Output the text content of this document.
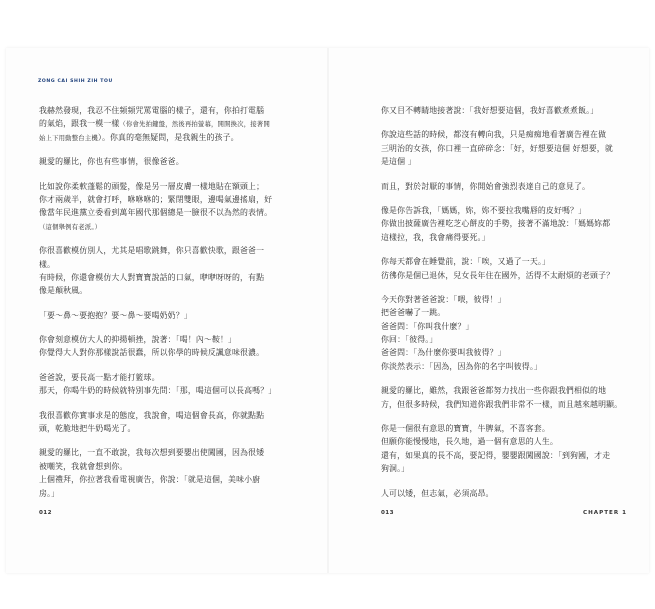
ZONG CAI SHIH ZIH TOU
我赫然發現，我忍不住頻頻咒罵電腦的樣子，還有，你拍打電腦
的氣焰，跟我一模一樣（你會先拍鍵盤，然後再拍螢幕，開開換次，接著開
始上下用動整台主機）。你真的毫無疑問，是我親生的孩子。
親愛的羅比，你也有些事情，很像爸爸。
比如說你柔軟蓬鬆的頭髮，像是另一層皮膚一樣地貼在額頭上；
你才兩歲半，就會打呼，咻咻咻的；緊閉雙眼，邊喝氣邊搖扇，好
像當年民進黨立委看到萬年國代那個總是一臉很不以為然的表情。
（這個舉例有老派。）
你很喜歡模仿別人，尤其是唱歌跳舞，你只喜歡快歌，跟爸爸一
樣。
有時候，你還會模仿大人對寶寶說話的口氣，咿咿呀呀的，有點
像是顛秋風。
「要～鼻～要抱抱？要～鼻～要喝奶奶？」
你會刻意模仿大人的抑揚頓挫，說著：「喝！內～鞍！」
你覺得大人對你那樣說話很蠢，所以你學的時候反諷意味很濃。
爸爸說，要長高一點才能打籃球。
那天，你喝牛奶的時候就特別事先問：「那，喝這個可以長高嗎？」
我很喜歡你實事求是的態度，我說會，喝這個會長高，你就點點
頭，乾脆地把牛奶喝光了。
親愛的羅比，一直不敢說，我每次想到要嬰出使闖國，因為很矮
被嘲笑，我就會想到你。
上個禮拜，你拉著我看電視廣告，你說：「就是這個，美味小廚
房。」
012
你又目不轉睛地接著說：「我好想要這個，我好喜歡煮煮飯。」
你說這些話的時候，都沒有轉向我，只是痴痴地看著廣告裡在做
三明治的女孩，你口裡一直碎碎念：「好，好想要這個 好想要，就
是這個 」
而且，對於討厭的事情，你開始會強烈表達自己的意見了。
像是你告訴我，「媽媽，妳，妳不要拉我嘴唇的皮好嗎？」
你做出披薩廣告裡吃芝心餅皮的手勢，接著不滿地說：「媽媽妳都
這樣拉，我，我會痛得要死。」
你每天都會在睡覺前，說：「唉，又過了一天。」
彷彿你是個已退休，兒女長年住在國外，活得不太耐煩的老頭子？
今天你對著爸爸說：「喂，彼得！」
把爸爸嚇了一跳。
爸爸問：「你叫我什麼？」
你回：「彼得。」
爸爸問：「為什麼你要叫我彼得？」
你淡然表示：「因為，因為你的名字叫彼得。」
親愛的羅比，雖然，我跟爸爸都努力找出一些你跟我們相似的地
方，但很多時候，我們知道你跟我們非常不一樣，而且越來越明顯。
你是一個很有意思的寶寶，牛脾氣，不喜客套。
但願你能慢慢地，長久地，過一個有意思的人生。
還有，如果真的長不高，要記得，嬰嬰跟闖國說：「到狗國，才走
狗洞。」
人可以矮，但志氣，必須高昂。
013	CHAPTER 1
